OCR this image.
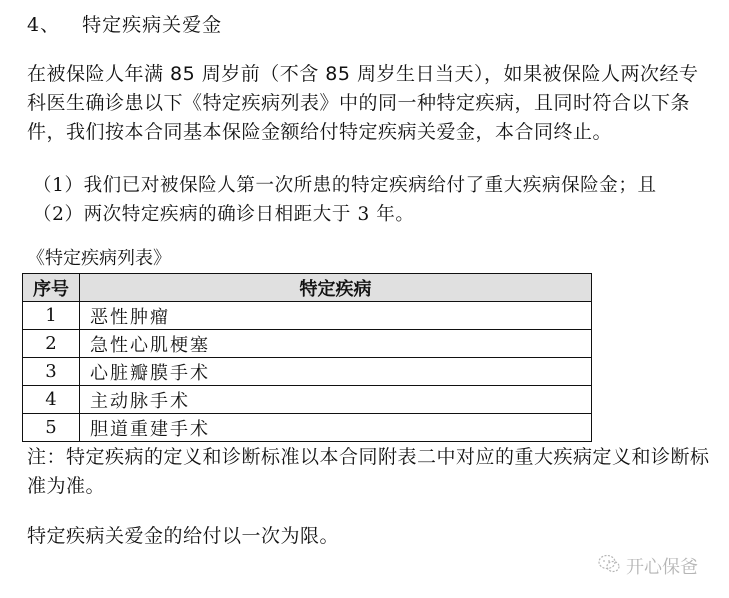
4、 特定疾病关爱金
在被保险人年满 85 周岁前（不含 85 周岁生日当天），如果被保险人两次经专科医生确诊患以下《特定疾病列表》中的同一种特定疾病，且同时符合以下条件，我们按本合同基本保险金额给付特定疾病关爱金，本合同终止。
（1）我们已对被保险人第一次所患的特定疾病给付了重大疾病保险金；且
（2）两次特定疾病的确诊日相距大于 3 年。
《特定疾病列表》
序号	特定疾病
1	恶性肿瘤
2	急性心肌梗塞
3	心脏瓣膜手术
4	主动脉手术
5	胆道重建手术
注：特定疾病的定义和诊断标准以本合同附表二中对应的重大疾病定义和诊断标准为准。
特定疾病关爱金的给付以一次为限。
开心保爸
